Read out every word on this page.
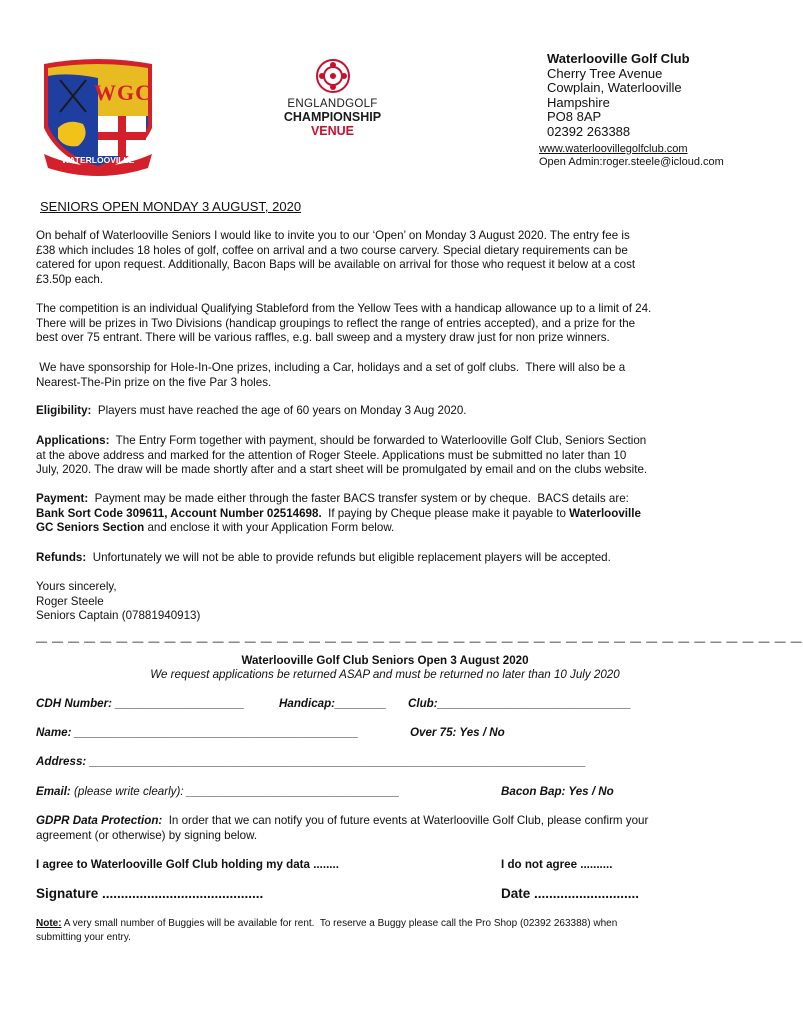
WGC
WATERLOOVILLE
ENGLANDGOLF
CHAMPIONSHIP
VENUE
Waterlooville Golf Club
Cherry Tree Avenue
Cowplain, Waterlooville
Hampshire
PO8 8AP
02392 263388
www.waterloovillegolfclub.com
Open Admin:roger.steele@icloud.com
SENIORS OPEN MONDAY 3 AUGUST, 2020
On behalf of Waterlooville Seniors I would like to invite you to our ‘Open’ on Monday 3 August 2020. The entry fee is
£38 which includes 18 holes of golf, coffee on arrival and a two course carvery. Special dietary requirements can be
catered for upon request. Additionally, Bacon Baps will be available on arrival for those who request it below at a cost
£3.50p each.
The competition is an individual Qualifying Stableford from the Yellow Tees with a handicap allowance up to a limit of 24.
There will be prizes in Two Divisions (handicap groupings to reflect the range of entries accepted), and a prize for the
best over 75 entrant. There will be various raffles, e.g. ball sweep and a mystery draw just for non prize winners.
We have sponsorship for Hole-In-One prizes, including a Car, holidays and a set of golf clubs.  There will also be a
Nearest-The-Pin prize on the five Par 3 holes.
Eligibility:  Players must have reached the age of 60 years on Monday 3 Aug 2020.
Applications:  The Entry Form together with payment, should be forwarded to Waterlooville Golf Club, Seniors Section
at the above address and marked for the attention of Roger Steele. Applications must be submitted no later than 10
July, 2020. The draw will be made shortly after and a start sheet will be promulgated by email and on the clubs website.
Payment:  Payment may be made either through the faster BACS transfer system or by cheque.  BACS details are:
Bank Sort Code 309611, Account Number 02514698.  If paying by Cheque please make it payable to Waterlooville
GC Seniors Section and enclose it with your Application Form below.
Refunds:  Unfortunately we will not be able to provide refunds but eligible replacement players will be accepted.
Yours sincerely,
Roger Steele
Seniors Captain (07881940913)
— — — — — — — — — — — — — — — — — — — — — — — — — — — — — — — — — — — — — — — — — — — — — — — —
Waterlooville Golf Club Seniors Open 3 August 2020
We request applications be returned ASAP and must be returned no later than 10 July 2020
CDH Number: ____________________	Handicap:________ Club:______________________________
Name: ____________________________________________	Over 75: Yes / No
Address: _____________________________________________________________________________
Email: (please write clearly): _________________________________	Bacon Bap: Yes / No
GDPR Data Protection:  In order that we can notify you of future events at Waterlooville Golf Club, please confirm your
agreement (or otherwise) by signing below.
I agree to Waterlooville Golf Club holding my data ........	I do not agree ..........
Signature ...........................................	Date ............................
Note: A very small number of Buggies will be available for rent.  To reserve a Buggy please call the Pro Shop (02392 263388) when
submitting your entry.
